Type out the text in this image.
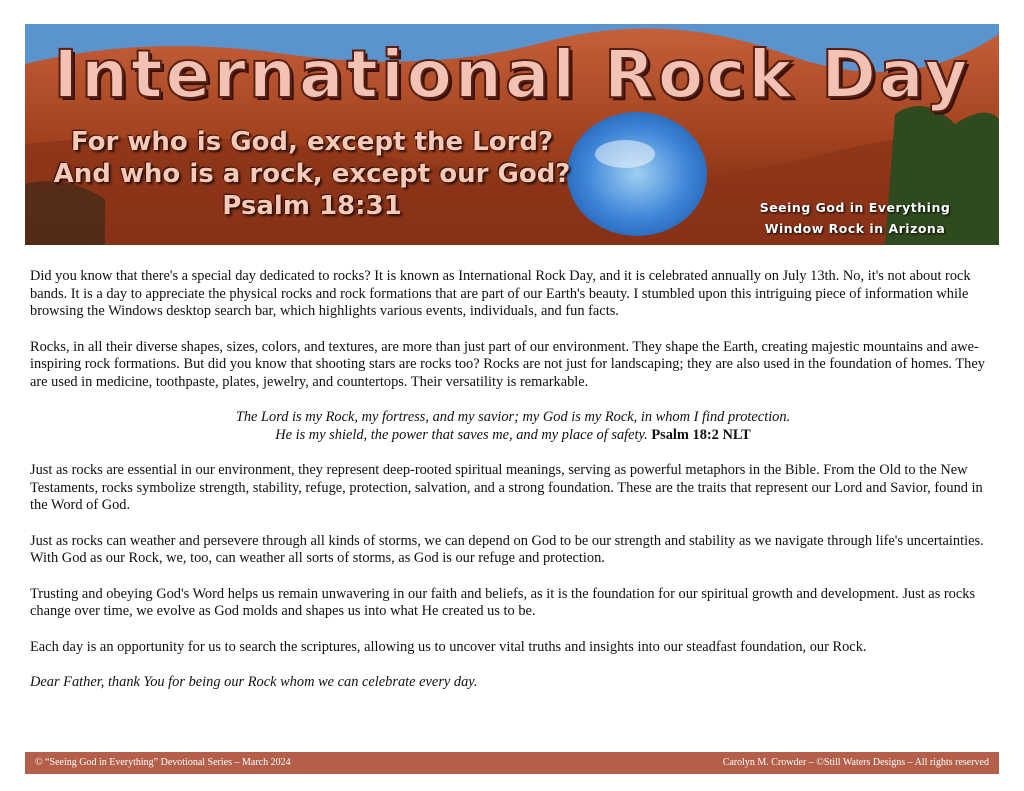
International Rock Day
For who is God, except the Lord?
And who is a rock, except our God?
Psalm 18:31	Seeing God in Everything
Window Rock in Arizona

Did you know that there's a special day dedicated to rocks? It is known as International Rock Day, and it is celebrated annually on July 13th. No, it's not about rock bands. It is a day to appreciate the physical rocks and rock formations that are part of our Earth's beauty. I stumbled upon this intriguing piece of information while browsing the Windows desktop search bar, which highlights various events, individuals, and fun facts.

Rocks, in all their diverse shapes, sizes, colors, and textures, are more than just part of our environment. They shape the Earth, creating majestic mountains and awe-inspiring rock formations. But did you know that shooting stars are rocks too? Rocks are not just for landscaping; they are also used in the foundation of homes. They are used in medicine, toothpaste, plates, jewelry, and countertops. Their versatility is remarkable.

The Lord is my Rock, my fortress, and my savior; my God is my Rock, in whom I find protection.
He is my shield, the power that saves me, and my place of safety. Psalm 18:2 NLT

Just as rocks are essential in our environment, they represent deep-rooted spiritual meanings, serving as powerful metaphors in the Bible. From the Old to the New Testaments, rocks symbolize strength, stability, refuge, protection, salvation, and a strong foundation. These are the traits that represent our Lord and Savior, found in the Word of God.

Just as rocks can weather and persevere through all kinds of storms, we can depend on God to be our strength and stability as we navigate through life's uncertainties. With God as our Rock, we, too, can weather all sorts of storms, as God is our refuge and protection.

Trusting and obeying God's Word helps us remain unwavering in our faith and beliefs, as it is the foundation for our spiritual growth and development. Just as rocks change over time, we evolve as God molds and shapes us into what He created us to be.

Each day is an opportunity for us to search the scriptures, allowing us to uncover vital truths and insights into our steadfast foundation, our Rock.

Dear Father, thank You for being our Rock whom we can celebrate every day.

© “Seeing God in Everything” Devotional Series – March 2024	Carolyn M. Crowder – ©Still Waters Designs – All rights reserved
